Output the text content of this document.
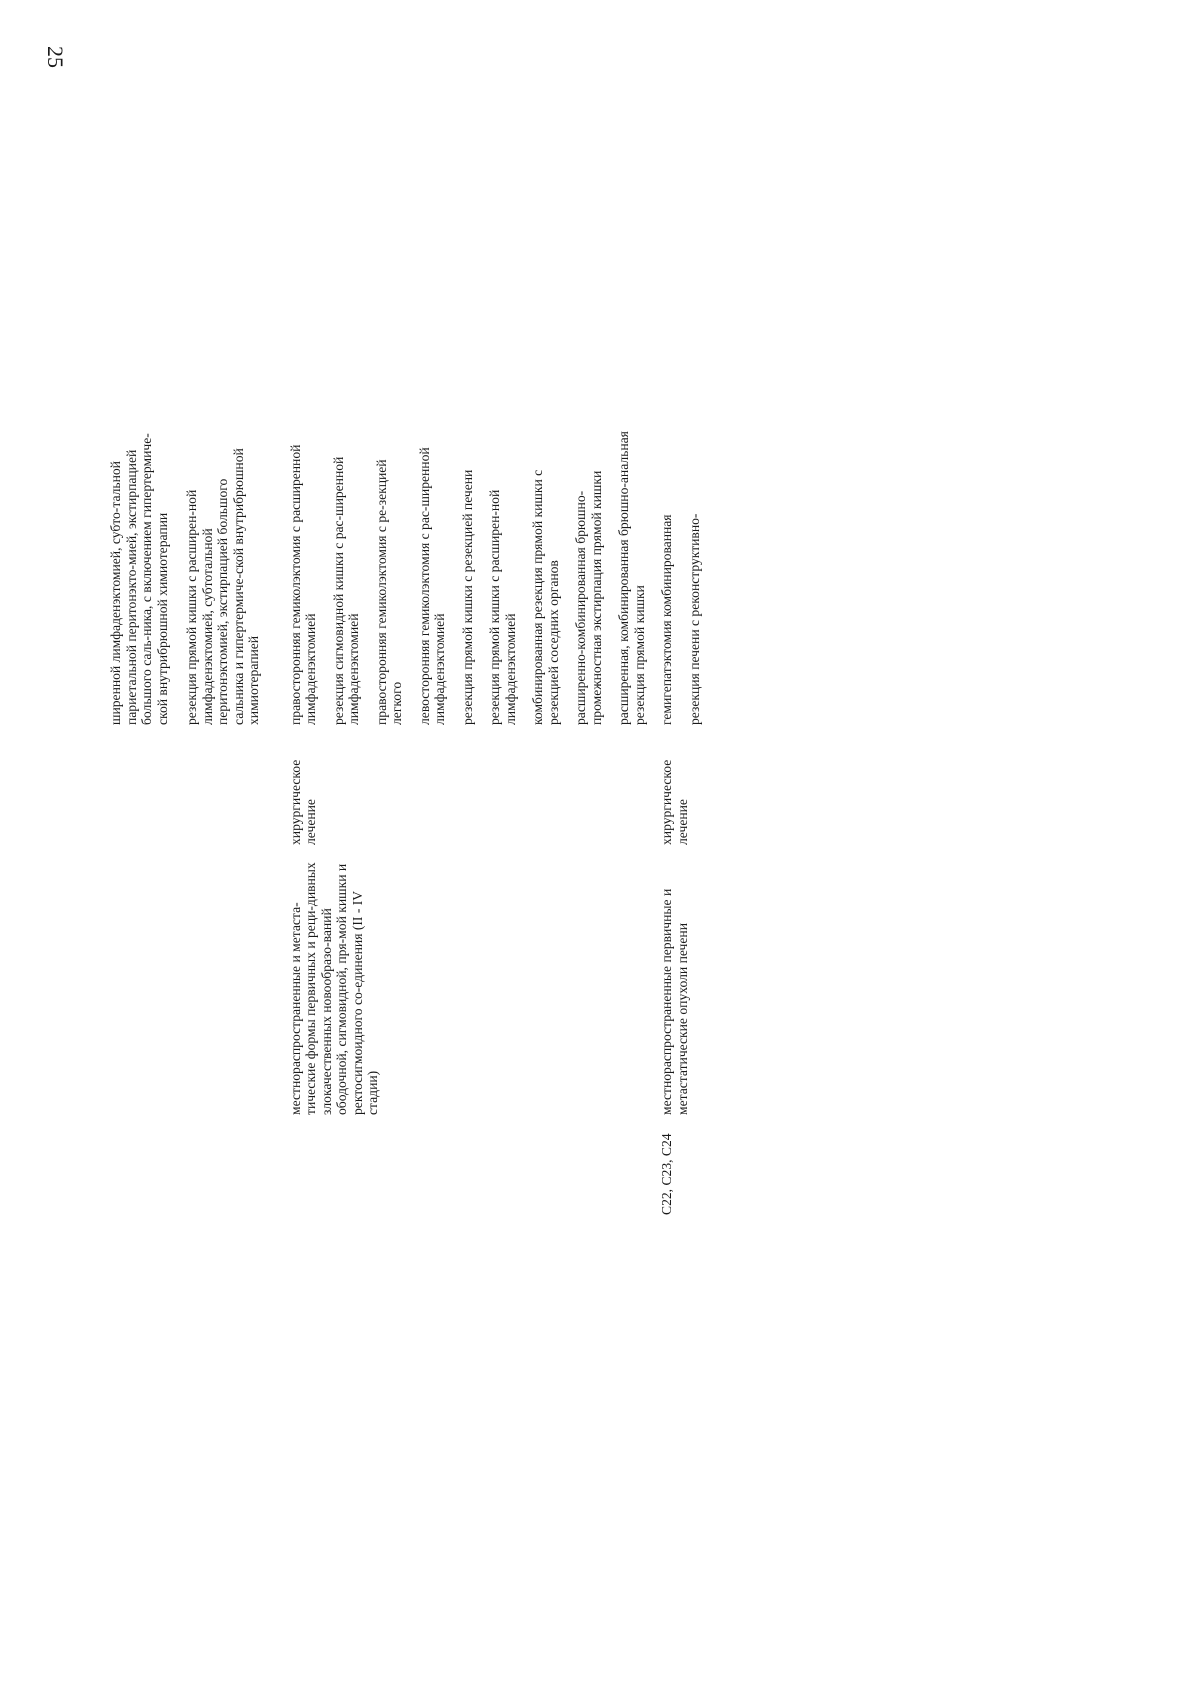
25
ширенной лимфаденэктомией, субто-тальной париетальной перитонэкто-мией, экстирпацией большого саль-ника, с включением гипертермиче-ской внутрибрюшной химиотерапии резекция прямой кишки с расширен-ной лимфаденэктомией, субтотальной перитонэктомией, экстирпацией большого сальника и гипертермиче-ской внутрибрюшной химиотерапией
местнораспространенные и метаста-тические формы первичных и реци-дивных злокачественных новообразо-ваний ободочной, сигмовидной, пря-мой кишки и ректосигмоидного со-единения (II - IV стадии)
хирургическое лечение
правосторонняя гемиколэктомия с расширенной лимфаденэктомией резекция сигмовидной кишки с рас-ширенной лимфаденэктомией правосторонняя гемиколэктомия с ре-зекцией легкого левосторонняя гемиколэктомия с рас-ширенной лимфаденэктомией резекция прямой кишки с резекцией печени резекция прямой кишки с расширен-ной лимфаденэктомией комбинированная резекция прямой кишки с резекцией соседних органов расширенно-комбинированная брюшно-промежностная экстирпация прямой кишки расширенная, комбинированная брюшно-анальная резекция прямой кишки
C22, C23, C24
местнораспространенные первичные и метастатические опухоли печени
хирургическое лечение
гемигепатэктомия комбинированная резекция печени с реконструктивно-
